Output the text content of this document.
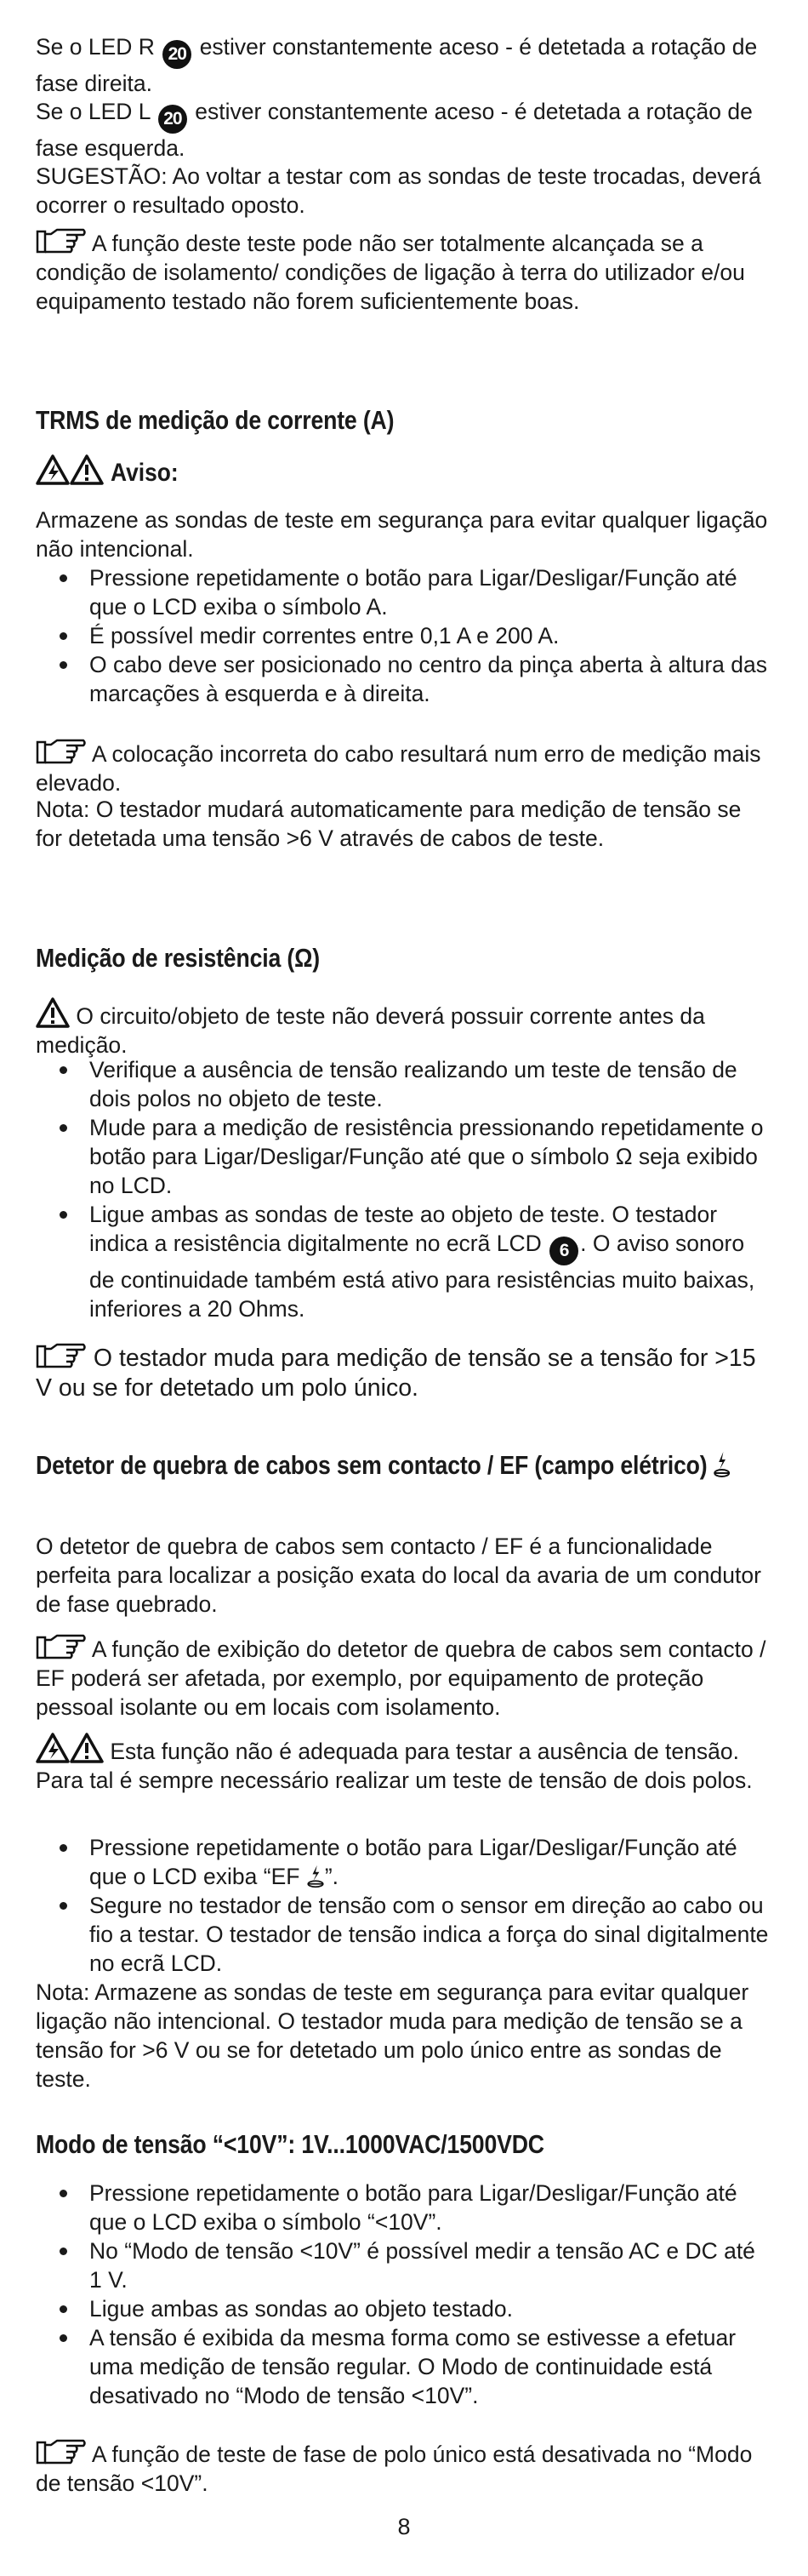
Se o LED R 20 estiver constantemente aceso - é detetada a rotação de fase direita.

Se o LED L 20 estiver constantemente aceso - é detetada a rotação de fase esquerda.

SUGESTÃO: Ao voltar a testar com as sondas de teste trocadas, deverá ocorrer o resultado oposto.

A função deste teste pode não ser totalmente alcançada se a condição de isolamento/ condições de ligação à terra do utilizador e/ou equipamento testado não forem suficientemente boas.

TRMS de medição de corrente (A)
Aviso:

Armazene as sondas de teste em segurança para evitar qualquer ligação não intencional.

Pressione repetidamente o botão para Ligar/Desligar/Função até que o LCD exiba o símbolo A.
É possível medir correntes entre 0,1 A e 200 A.
O cabo deve ser posicionado no centro da pinça aberta à altura das marcações à esquerda e à direita.

A colocação incorreta do cabo resultará num erro de medição mais elevado.

Nota: O testador mudará automaticamente para medição de tensão se for detetada uma tensão >6 V através de cabos de teste.

Medição de resistência (Ω)

O circuito/objeto de teste não deverá possuir corrente antes da medição.

Verifique a ausência de tensão realizando um teste de tensão de dois polos no objeto de teste.
Mude para a medição de resistência pressionando repetidamente o botão para Ligar/Desligar/Função até que o símbolo Ω seja exibido no LCD.
Ligue ambas as sondas de teste ao objeto de teste. O testador indica a resistência digitalmente no ecrã LCD 6 . O aviso sonoro de continuidade também está ativo para resistências muito baixas, inferiores a 20 Ohms.

O testador muda para medição de tensão se a tensão for >15 V ou se for detetado um polo único.

Detetor de quebra de cabos sem contacto / EF (campo elétrico)

O detetor de quebra de cabos sem contacto / EF é a funcionalidade perfeita para localizar a posição exata do local da avaria de um condutor de fase quebrado.

A função de exibição do detetor de quebra de cabos sem contacto / EF poderá ser afetada, por exemplo, por equipamento de proteção pessoal isolante ou em locais com isolamento.

Esta função não é adequada para testar a ausência de tensão. Para tal é sempre necessário realizar um teste de tensão de dois polos.

Pressione repetidamente o botão para Ligar/Desligar/Função até que o LCD exiba “EF ”.
Segure no testador de tensão com o sensor em direção ao cabo ou fio a testar. O testador de tensão indica a força do sinal digitalmente no ecrã LCD.

Nota: Armazene as sondas de teste em segurança para evitar qualquer ligação não intencional. O testador muda para medição de tensão se a tensão for >6 V ou se for detetado um polo único entre as sondas de teste.

Modo de tensão “<10V”: 1V...1000VAC/1500VDC
Pressione repetidamente o botão para Ligar/Desligar/Função até que o LCD exiba o símbolo “<10V”.
No “Modo de tensão <10V” é possível medir a tensão AC e DC até 1 V.
Ligue ambas as sondas ao objeto testado.
A tensão é exibida da mesma forma como se estivesse a efetuar uma medição de tensão regular. O Modo de continuidade está desativado no “Modo de tensão <10V”.

A função de teste de fase de polo único está desativada no “Modo de tensão <10V”.

8
